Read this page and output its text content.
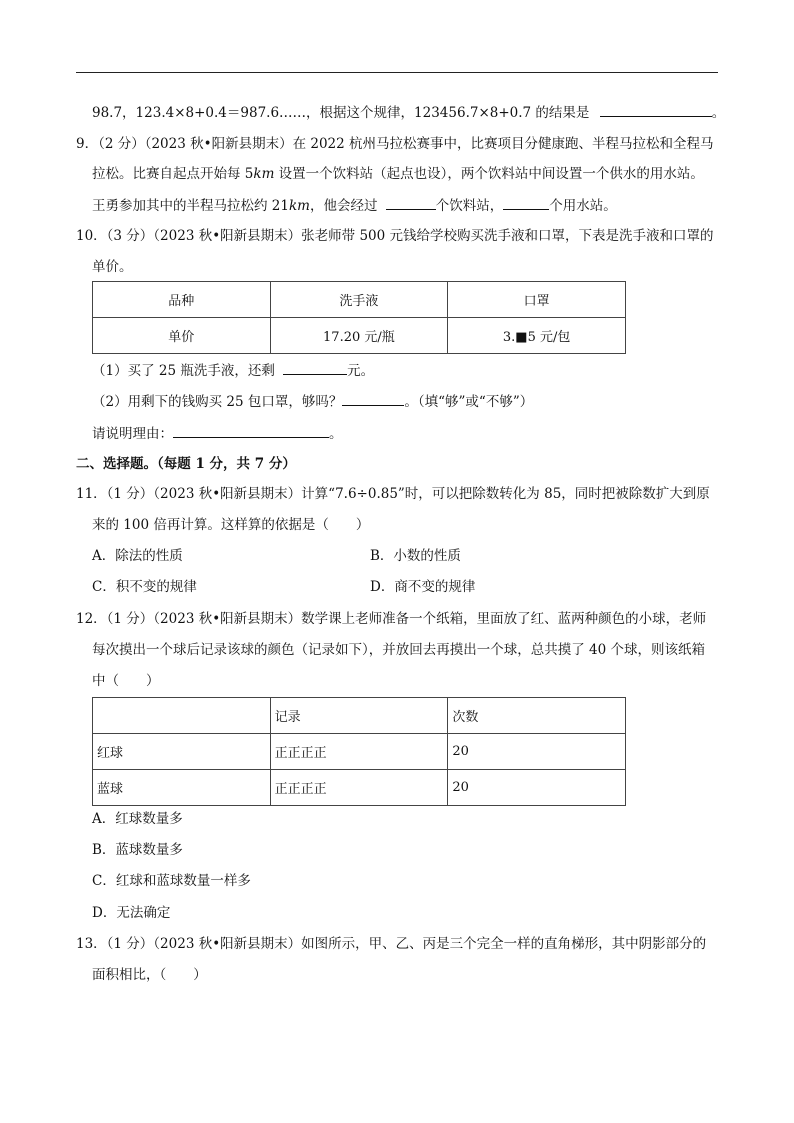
98.7，123.4×8+0.4＝987.6……，根据这个规律，123456.7×8+0.7 的结果是	。
9．（2 分）（2023 秋•阳新县期末）在 2022 杭州马拉松赛事中，比赛项目分健康跑、半程马拉松和全程马
拉松。比赛自起点开始每 5km 设置一个饮料站（起点也设），两个饮料站中间设置一个供水的用水站。
王勇参加其中的半程马拉松约 21km，他会经过	个饮料站，	个用水站。
10．（3 分）（2023 秋•阳新县期末）张老师带 500 元钱给学校购买洗手液和口罩，下表是洗手液和口罩的
单价。
品种	洗手液	口罩
单价	17.20 元/瓶	3.■5 元/包
（1）买了 25 瓶洗手液，还剩	元。
（2）用剩下的钱购买 25 包口罩，够吗？	。（填“够”或“不够”）
请说明理由：	。
二、选择题。（每题 1 分，共 7 分）
11．（1 分）（2023 秋•阳新县期末）计算“7.6÷0.85”时，可以把除数转化为 85，同时把被除数扩大到原
来的 100 倍再计算。这样算的依据是（　　）
A．除法的性质	B．小数的性质
C．积不变的规律	D．商不变的规律
12．（1 分）（2023 秋•阳新县期末）数学课上老师准备一个纸箱，里面放了红、蓝两种颜色的小球，老师
每次摸出一个球后记录该球的颜色（记录如下），并放回去再摸出一个球，总共摸了 40 个球，则该纸箱
中（　　）
	记录	次数
红球	正正正正	20
蓝球	正正正正	20
A．红球数量多
B．蓝球数量多
C．红球和蓝球数量一样多
D．无法确定
13．（1 分）（2023 秋•阳新县期末）如图所示，甲、乙、丙是三个完全一样的直角梯形，其中阴影部分的
面积相比，（　　）
